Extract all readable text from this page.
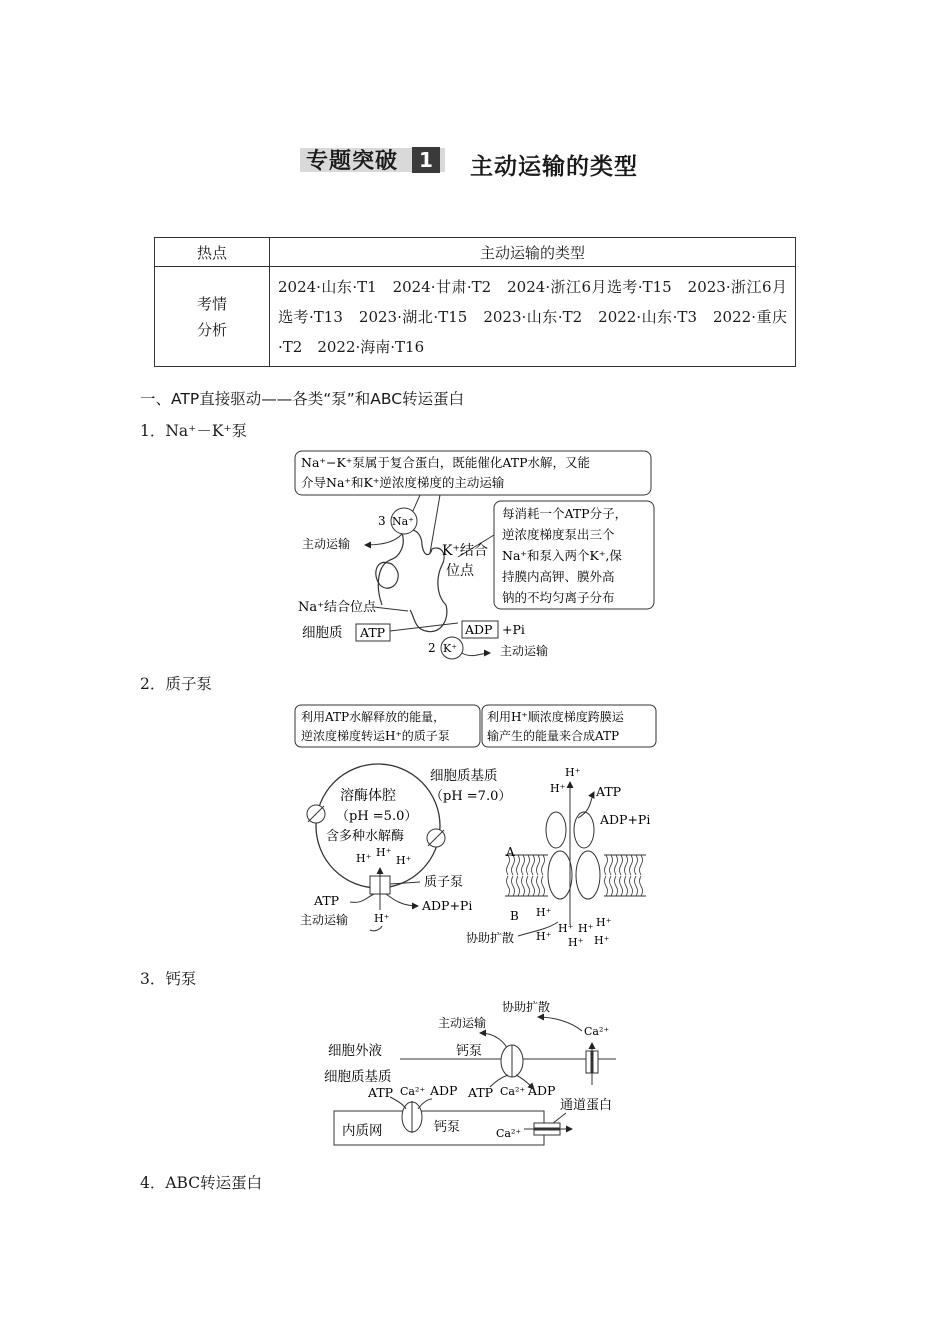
专题突破	1	主动运输的类型
热点	主动运输的类型

考情
分析	2024·山东·T1　2024·甘肃·T2　2024·浙江6月选考·T15　2023·浙江6月选考·T13　2023·湖北·T15　2023·山东·T2　2022·山东·T3　2022·重庆·T2　2022·海南·T16
一、ATP直接驱动——各类“泵”和ABC转运蛋白
1．Na⁺－K⁺泵
2．质子泵
3．钙泵
4．ABC转运蛋白
Na⁺−K⁺泵属于复合蛋白，既能催化ATP水解，又能
介导Na⁺和K⁺逆浓度梯度的主动运输
每消耗一个ATP分子，
逆浓度梯度泵出三个
Na⁺和泵入两个K⁺,保
持膜内高钾、膜外高
钠的不均匀离子分布
Na⁺
3
主动运输	K⁺结合
位点
Na⁺结合位点
细胞质 ATP	ADP +Pi
K⁺
2	主动运输
利用ATP水解释放的能量，
逆浓度梯度转运H⁺的质子泵
利用H⁺顺浓度梯度跨膜运
输产生的能量来合成ATP
溶酶体腔
（pH =5.0）
含多种水解酶
细胞质基质
（pH =7.0）
H⁺ H⁺
H⁺
质子泵
ATP	ADP+Pi
主动运输 H⁺
H⁺
H⁺ ATP
ADP+Pi
A
B H⁺
H⁺ H⁺ H⁺
H⁺ H⁺
H⁺
协助扩散
协助扩散
Ca²⁺
主动运输
细胞外液	钙泵
细胞质基质
ATP Ca²⁺ ADP ATP Ca²⁺ ADP
通道蛋白
内质网	钙泵	Ca²⁺
